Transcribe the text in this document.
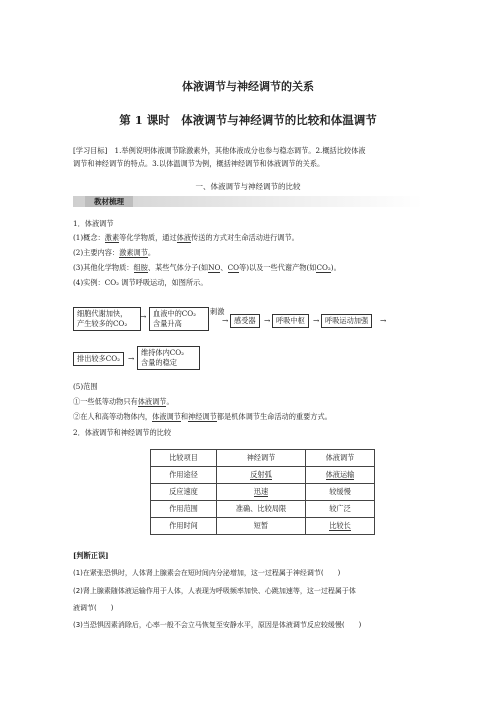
体液调节与神经调节的关系
第 1 课时　体液调节与神经调节的比较和体温调节
[学习目标]　1.举例说明体液调节除激素外，其他体液成分也参与稳态调节。2.概括比较体液
调节和神经调节的特点。3.以体温调节为例，概括神经调节和体液调节的关系。
一、体液调节与神经调节的比较
教材梳理
1．体液调节
(1)概念：激素等化学物质，通过体液传送的方式对生命活动进行调节。
(2)主要内容：激素调节。
(3)其他化学物质：组胺、某些气体分子(如NO、CO等)以及一些代谢产物(如CO₂)。
(4)实例：CO₂ 调节呼吸运动，如图所示。
细胞代谢加快，
产生较多的CO₂
→ 血液中的CO₂
含量升高
刺激
→ 感受器	→ 呼吸中枢	→ 呼吸运动加强	→
排出较多CO₂	→
维持体内CO₂
含量的稳定
(5)范围
①一些低等动物只有体液调节。
②在人和高等动物体内，体液调节和神经调节都是机体调节生命活动的重要方式。
2．体液调节和神经调节的比较
比较项目	神经调节	体液调节
作用途径	反射弧	体液运输
反应速度	迅速	较缓慢
作用范围	准确、比较局限	较广泛
作用时间	短暂	比较长
[判断正误]
(1)在紧张恐惧时，人体肾上腺素会在短时间内分泌增加，这一过程属于神经调节(　　)
(2)肾上腺素随体液运输作用于人体，人表现为呼吸频率加快、心跳加速等，这一过程属于体
液调节(　　)
(3)当恐惧因素消除后，心率一般不会立马恢复至安静水平，原因是体液调节反应较缓慢(　　)
